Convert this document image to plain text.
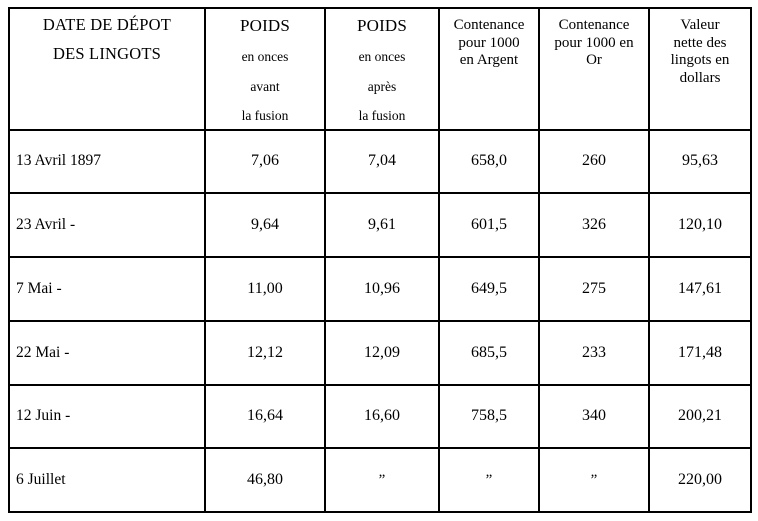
DATE DE DÉPOT
DES LINGOTS	POIDS
en onces
avant
la fusion	POIDS
en onces
après
la fusion	Contenance
pour 1000
en Argent	Contenance
pour 1000 en
Or	Valeur
nette des
lingots en
dollars

13 Avril 1897	7,06	7,04	658,0	260	95,63
23 Avril -	9,64	9,61	601,5	326	120,10
7 Mai -	11,00	10,96	649,5	275	147,61
22 Mai -	12,12	12,09	685,5	233	171,48
12 Juin -	16,64	16,60	758,5	340	200,21
6 Juillet	46,80	”	”	”	220,00
